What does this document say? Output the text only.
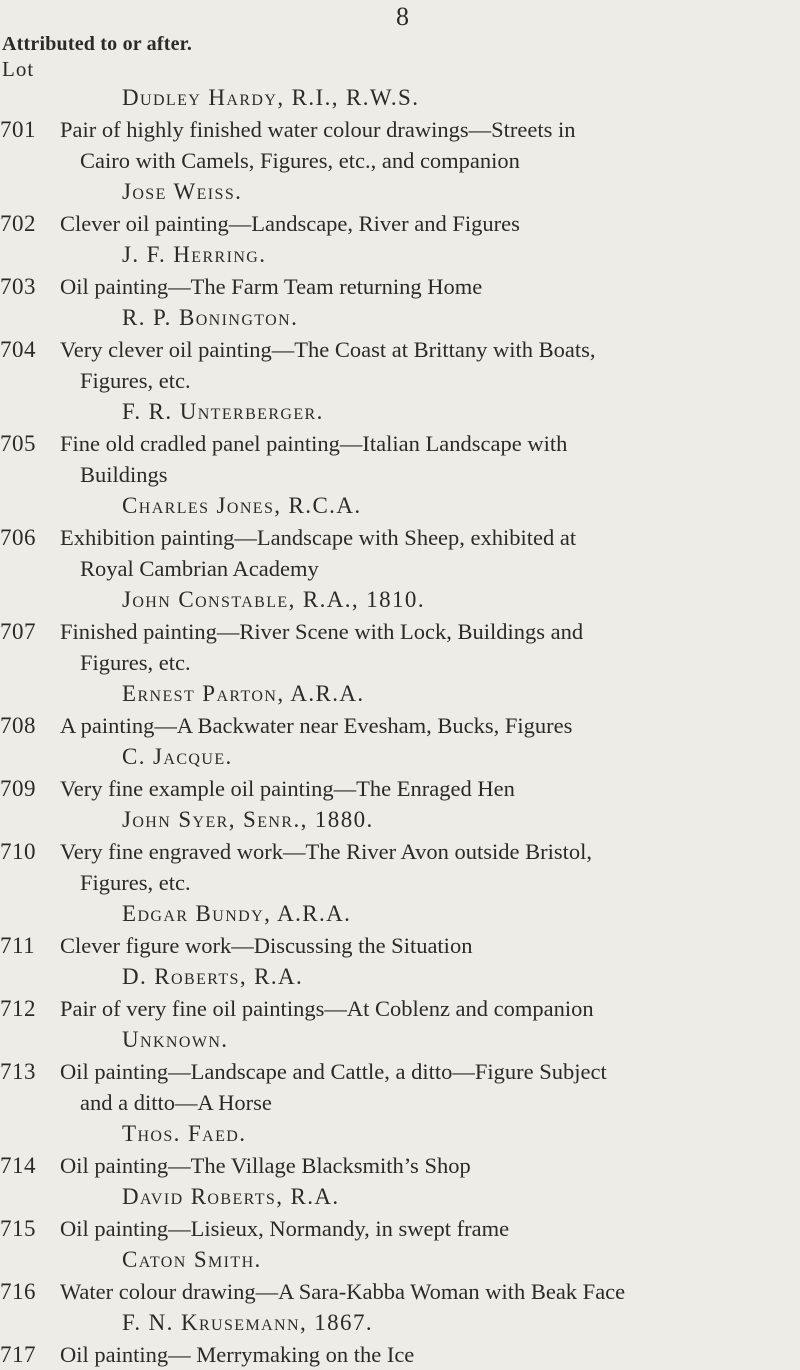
8
Attributed to or after.
Lot
Dudley Hardy, R.I., R.W.S.
701 Pair of highly finished water colour drawings—Streets in
Cairo with Camels, Figures, etc., and companion
Jose Weiss.
702 Clever oil painting—Landscape, River and Figures
J. F. Herring.
703 Oil painting—The Farm Team returning Home
R. P. Bonington.
704 Very clever oil painting—The Coast at Brittany with Boats,
Figures, etc.
F. R. Unterberger.
705 Fine old cradled panel painting—Italian Landscape with
Buildings
Charles Jones, R.C.A.
706 Exhibition painting—Landscape with Sheep, exhibited at
Royal Cambrian Academy
John Constable, R.A., 1810.
707 Finished painting—River Scene with Lock, Buildings and
Figures, etc.
Ernest Parton, A.R.A.
708 A painting—A Backwater near Evesham, Bucks, Figures
C. Jacque.
709 Very fine example oil painting—The Enraged Hen
John Syer, Senr., 1880.
710 Very fine engraved work—The River Avon outside Bristol,
Figures, etc.
Edgar Bundy, A.R.A.
711 Clever figure work—Discussing the Situation
D. Roberts, R.A.
712 Pair of very fine oil paintings—At Coblenz and companion
Unknown.
713 Oil painting—Landscape and Cattle, a ditto—Figure Subject
and a ditto—A Horse
Thos. Faed.
714 Oil painting—The Village Blacksmith’s Shop
David Roberts, R.A.
715 Oil painting—Lisieux, Normandy, in swept frame
Caton Smith.
716 Water colour drawing—A Sara-Kabba Woman with Beak Face
F. N. Krusemann, 1867.
717 Oil painting— Merrymaking on the Ice
